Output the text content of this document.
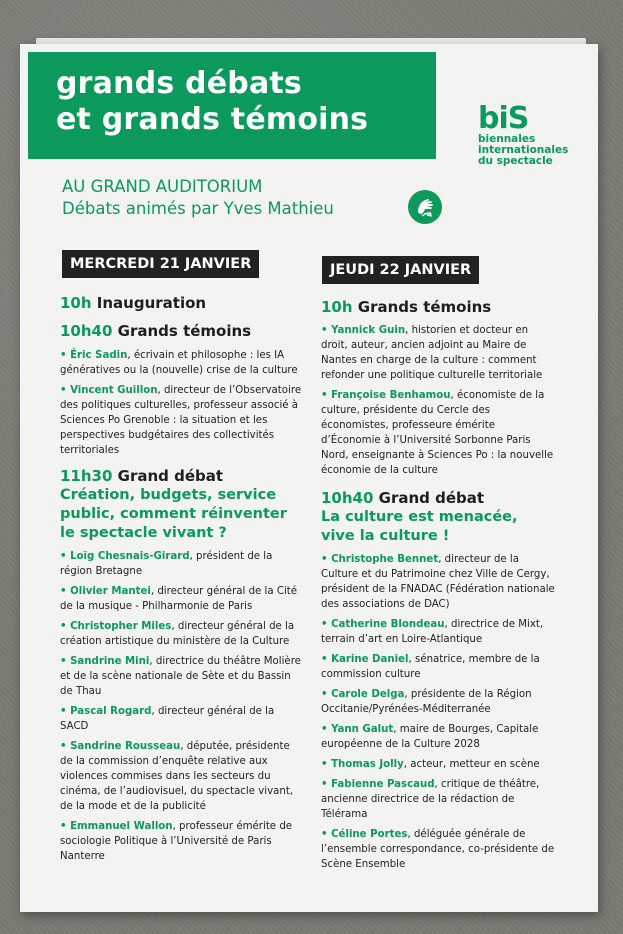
grands débats
et grands témoins	biS
biennales
internationales
du spectacle
AU GRAND AUDITORIUM
Débats animés par Yves Mathieu
MERCREDI 21 JANVIER

10h Inauguration

10h40 Grands témoins

• Éric Sadin, écrivain et philosophe : les IA génératives ou la (nouvelle) crise de la culture

• Vincent Guillon, directeur de l’Observatoire des politiques culturelles, professeur associé à Sciences Po Grenoble : la situation et les perspectives budgétaires des collectivités territoriales

11h30 Grand débat

Création, budgets, service public, comment réinventer le spectacle vivant ?

• Loïg Chesnais-Girard, président de la région Bretagne

• Olivier Mantei, directeur général de la Cité de la musique - Philharmonie de Paris

• Christopher Miles, directeur général de la création artistique du ministère de la Culture

• Sandrine Mini, directrice du théâtre Molière et de la scène nationale de Sète et du Bassin de Thau

• Pascal Rogard, directeur général de la SACD

• Sandrine Rousseau, députée, présidente de la commission d’enquête relative aux violences commises dans les secteurs du cinéma, de l’audiovisuel, du spectacle vivant, de la mode et de la publicité

• Emmanuel Wallon, professeur émérite de sociologie Politique à l’Université de Paris Nanterre

JEUDI 22 JANVIER

10h Grands témoins

• Yannick Guin, historien et docteur en droit, auteur, ancien adjoint au Maire de Nantes en charge de la culture : comment refonder une politique culturelle territoriale

• Françoise Benhamou, économiste de la culture, présidente du Cercle des économistes, professeure émérite d’Économie à l’Université Sorbonne Paris Nord, enseignante à Sciences Po : la nouvelle économie de la culture

10h40 Grand débat

La culture est menacée, vive la culture !

• Christophe Bennet, directeur de la Culture et du Patrimoine chez Ville de Cergy, président de la FNADAC (Fédération nationale des associations de DAC)

• Catherine Blondeau, directrice de Mixt, terrain d’art en Loire-Atlantique

• Karine Daniel, sénatrice, membre de la commission culture

• Carole Delga, présidente de la Région Occitanie/Pyrénées-Méditerranée

• Yann Galut, maire de Bourges, Capitale européenne de la Culture 2028

• Thomas Jolly, acteur, metteur en scène

• Fabienne Pascaud, critique de théâtre, ancienne directrice de la rédaction de Télérama

• Céline Portes, déléguée générale de l’ensemble correspondance, co-présidente de Scène Ensemble
